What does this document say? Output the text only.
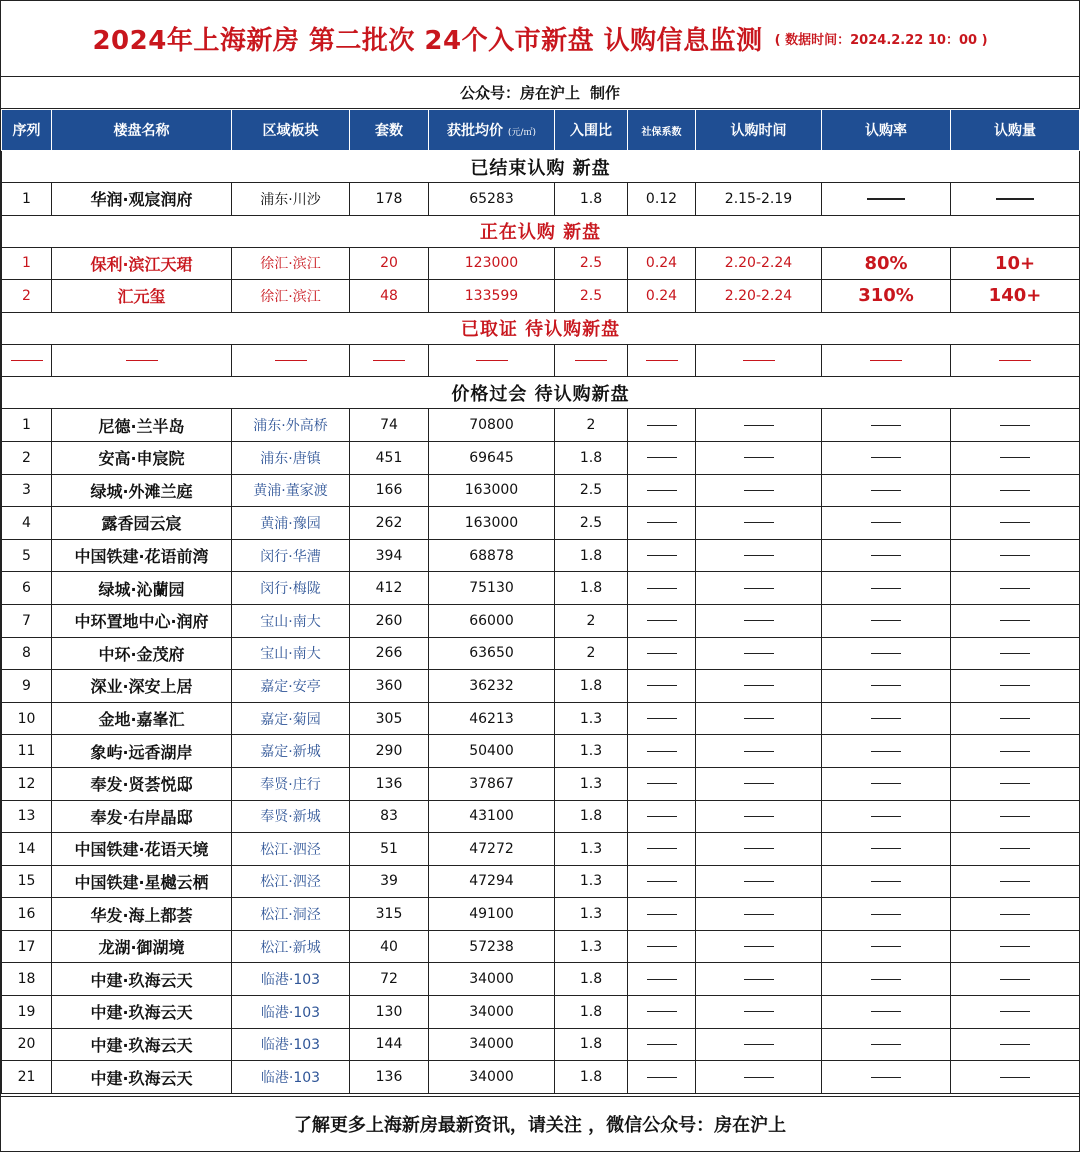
2024年上海新房 第二批次 24个入市新盘 认购信息监测 ( 数据时间：2024.2.22 10：00 )
公众号：房在沪上 制作
序列	楼盘名称	区域板块	套数	获批均价 (元/㎡)	入围比	社保系数	认购时间	认购率	认购量
已结束认购 新盘									
1	华润·观宸润府	浦东·川沙	178	65283	1.8	0.12	2.15-2.19		
正在认购 新盘									
1	保利·滨江天珺	徐汇·滨江	20	123000	2.5	0.24	2.20-2.24	80%	10+
2	汇元玺	徐汇·滨江	48	133599	2.5	0.24	2.20-2.24	310%	140+
已取证 待认购新盘									

价格过会 待认购新盘									
1	尼德·兰半岛	浦东·外高桥	74	70800	2				
2	安高·申宸院	浦东·唐镇	451	69645	1.8				
3	绿城·外滩兰庭	黄浦·董家渡	166	163000	2.5				
4	露香园云宸	黄浦·豫园	262	163000	2.5				
5	中国铁建·花语前湾	闵行·华漕	394	68878	1.8				
6	绿城·沁蘭园	闵行·梅陇	412	75130	1.8				
7	中环置地中心·润府	宝山·南大	260	66000	2				
8	中环·金茂府	宝山·南大	266	63650	2				
9	深业·深安上居	嘉定·安亭	360	36232	1.8				
10	金地·嘉峯汇	嘉定·菊园	305	46213	1.3				
11	象屿·远香湖岸	嘉定·新城	290	50400	1.3				
12	奉发·贤荟悦邸	奉贤·庄行	136	37867	1.3				
13	奉发·右岸晶邸	奉贤·新城	83	43100	1.8				
14	中国铁建·花语天境	松江·泗泾	51	47272	1.3				
15	中国铁建·星樾云栖	松江·泗泾	39	47294	1.3				
16	华发·海上都荟	松江·洞泾	315	49100	1.3				
17	龙湖·御湖境	松江·新城	40	57238	1.3				
18	中建·玖海云天	临港·103	72	34000	1.8				
19	中建·玖海云天	临港·103	130	34000	1.8				
20	中建·玖海云天	临港·103	144	34000	1.8				
21	中建·玖海云天	临港·103	136	34000	1.8				
了解更多上海新房最新资讯，请关注 ，微信公众号：房在沪上
